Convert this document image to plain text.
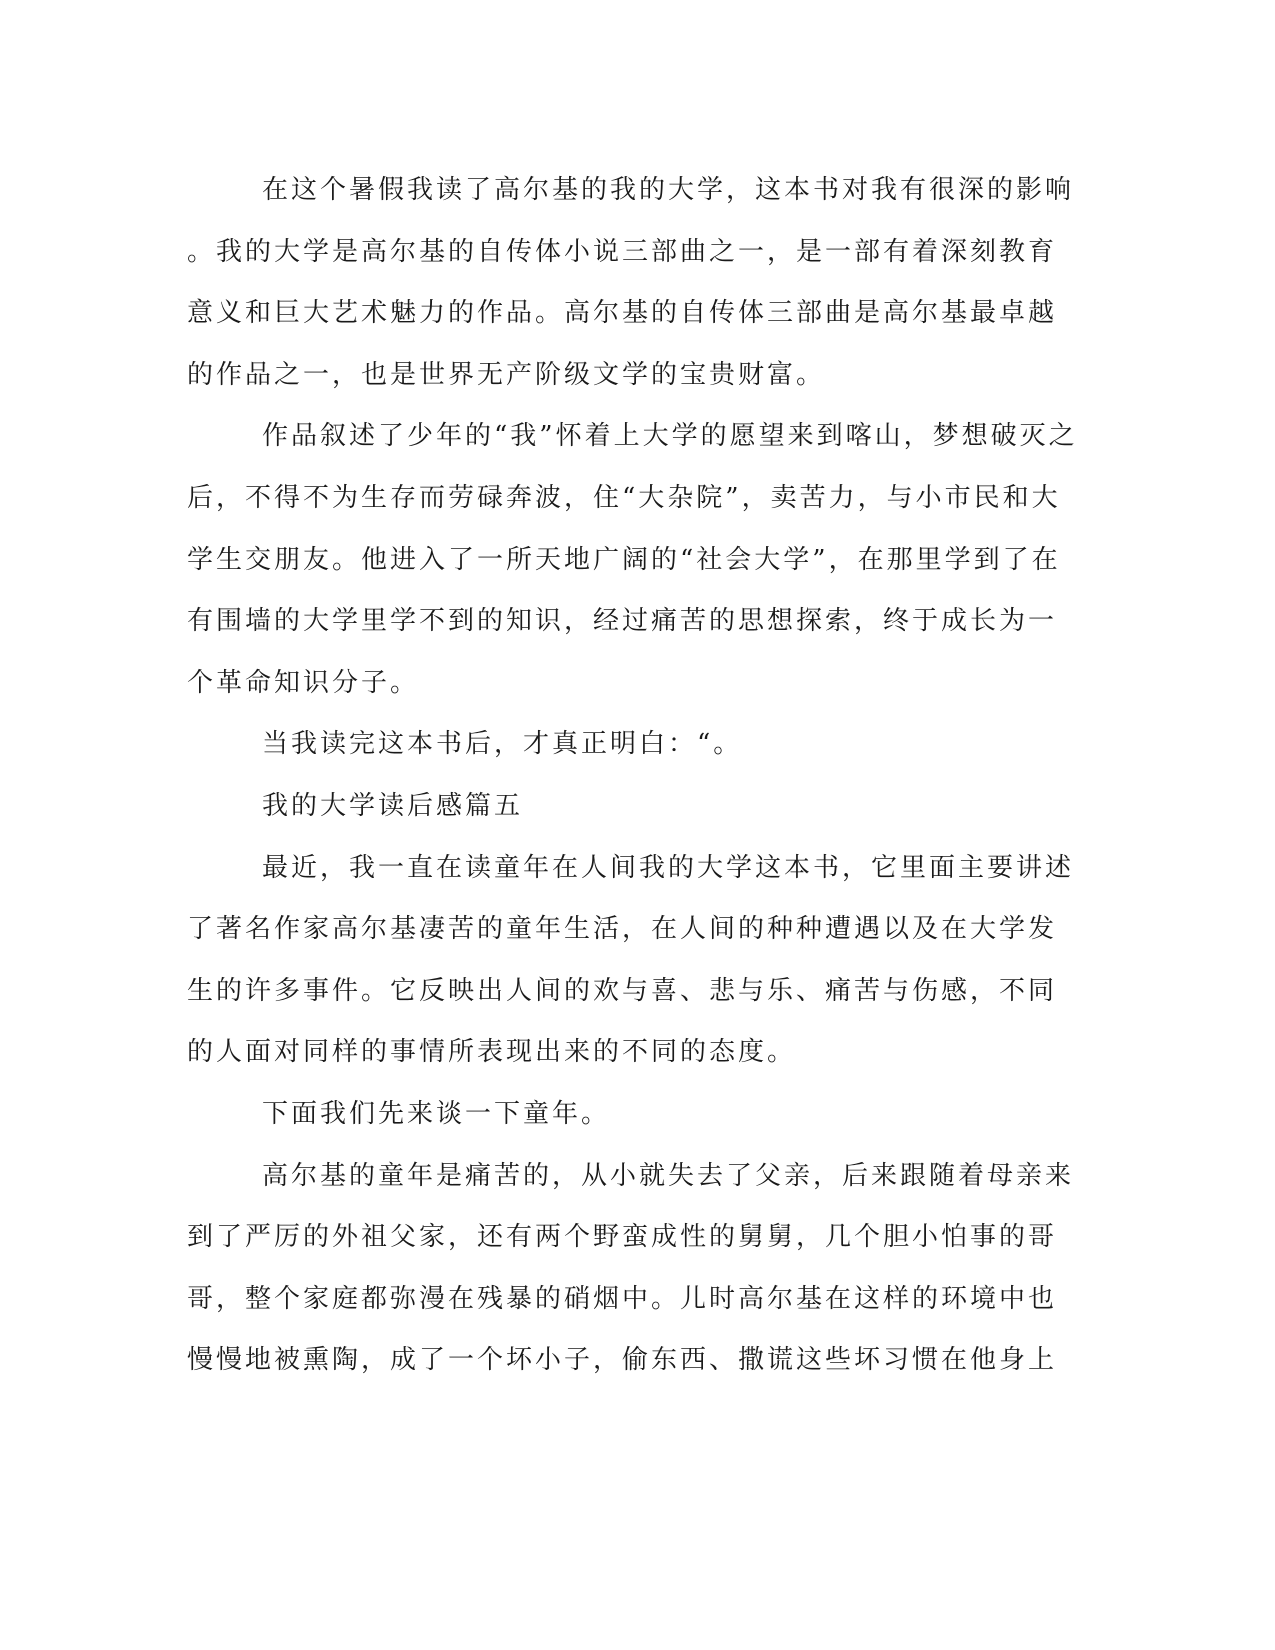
在这个暑假我读了高尔基的我的大学，这本书对我有很深的影响
。我的大学是高尔基的自传体小说三部曲之一，是一部有着深刻教育
意义和巨大艺术魅力的作品。高尔基的自传体三部曲是高尔基最卓越
的作品之一，也是世界无产阶级文学的宝贵财富。
作品叙述了少年的“我”怀着上大学的愿望来到喀山，梦想破灭之
后，不得不为生存而劳碌奔波，住“大杂院”，卖苦力，与小市民和大
学生交朋友。他进入了一所天地广阔的“社会大学”，在那里学到了在
有围墙的大学里学不到的知识，经过痛苦的思想探索，终于成长为一
个革命知识分子。
当我读完这本书后，才真正明白：“。
我的大学读后感篇五
最近，我一直在读童年在人间我的大学这本书，它里面主要讲述
了著名作家高尔基凄苦的童年生活，在人间的种种遭遇以及在大学发
生的许多事件。它反映出人间的欢与喜、悲与乐、痛苦与伤感，不同
的人面对同样的事情所表现出来的不同的态度。
下面我们先来谈一下童年。
高尔基的童年是痛苦的，从小就失去了父亲，后来跟随着母亲来
到了严厉的外祖父家，还有两个野蛮成性的舅舅，几个胆小怕事的哥
哥，整个家庭都弥漫在残暴的硝烟中。儿时高尔基在这样的环境中也
慢慢地被熏陶，成了一个坏小子，偷东西、撒谎这些坏习惯在他身上
